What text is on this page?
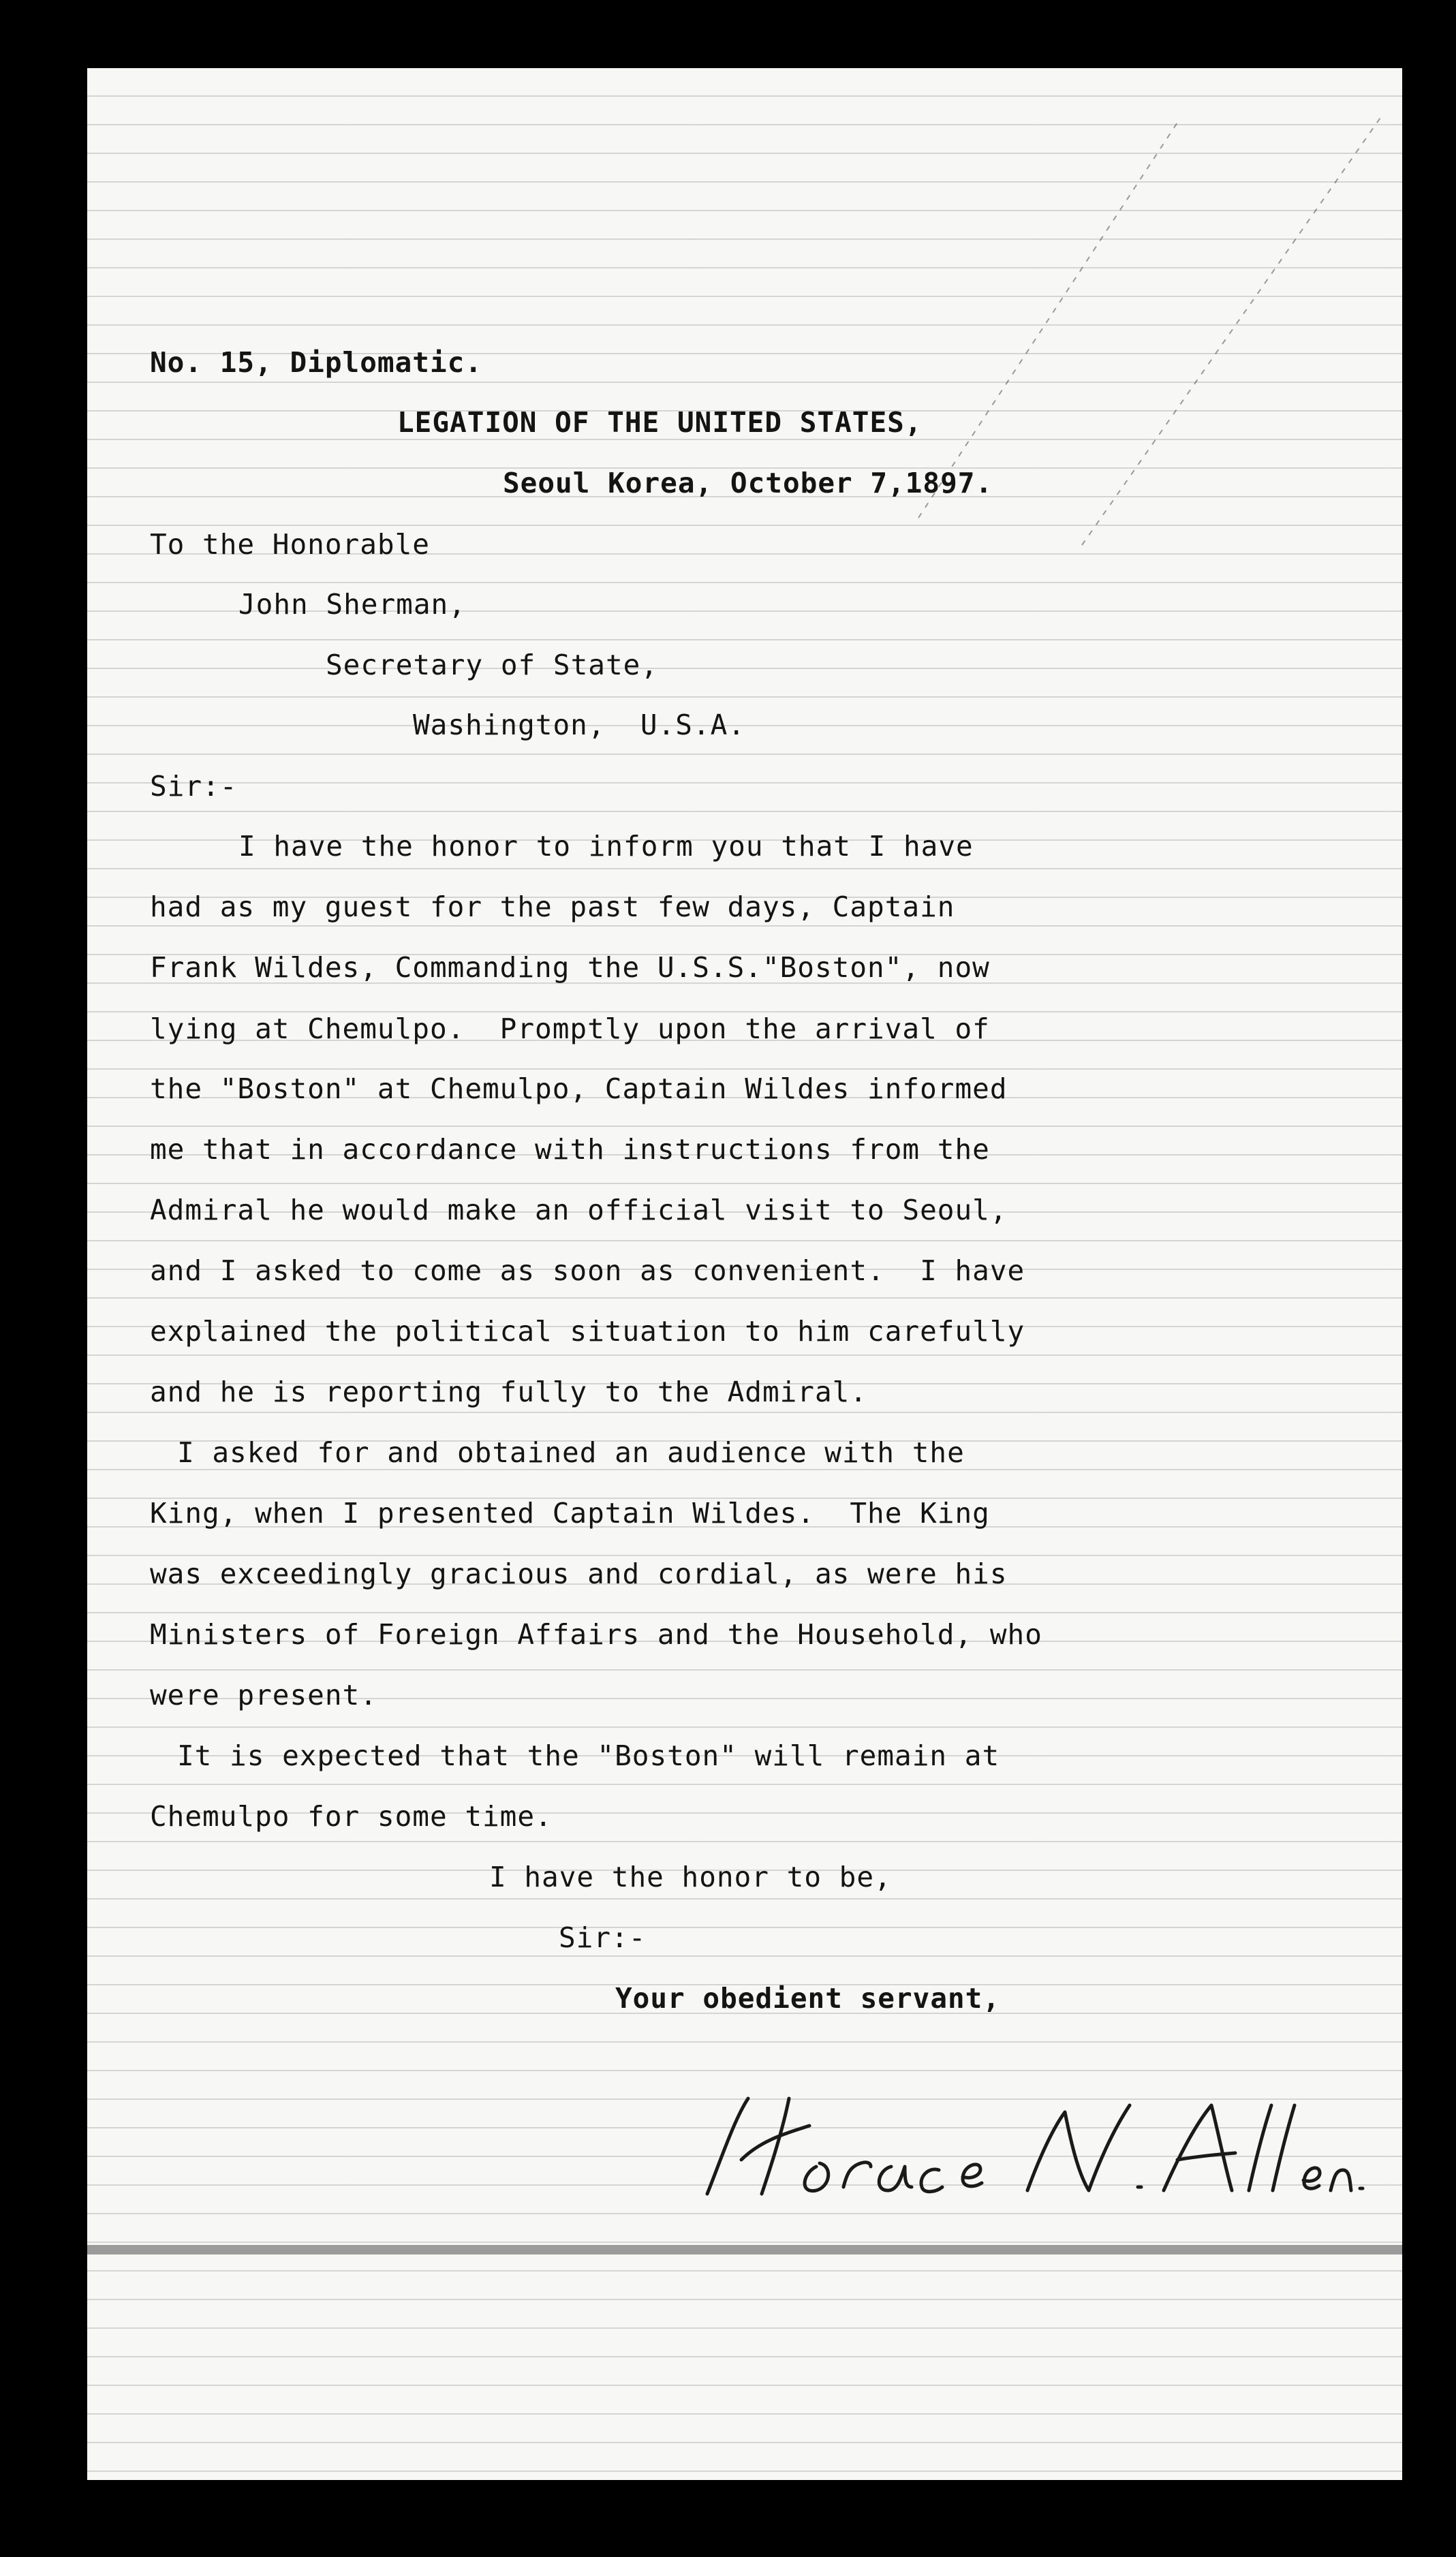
No. 15, Diplomatic.

LEGATION OF THE UNITED STATES,

Seoul Korea, October 7,1897.

To the Honorable

John Sherman,

Secretary of State,

Washington,  U.S.A.

Sir:-

I have the honor to inform you that I have

had as my guest for the past few days, Captain

Frank Wildes, Commanding the U.S.S."Boston", now

lying at Chemulpo.  Promptly upon the arrival of

the "Boston" at Chemulpo, Captain Wildes informed

me that in accordance with instructions from the

Admiral he would make an official visit to Seoul,

and I asked to come as soon as convenient.  I have

explained the political situation to him carefully

and he is reporting fully to the Admiral.

I asked for and obtained an audience with the

King, when I presented Captain Wildes.  The King

was exceedingly gracious and cordial, as were his

Ministers of Foreign Affairs and the Household, who

were present.

It is expected that the "Boston" will remain at

Chemulpo for some time.

I have the honor to be,

Sir:-

Your obedient servant,
